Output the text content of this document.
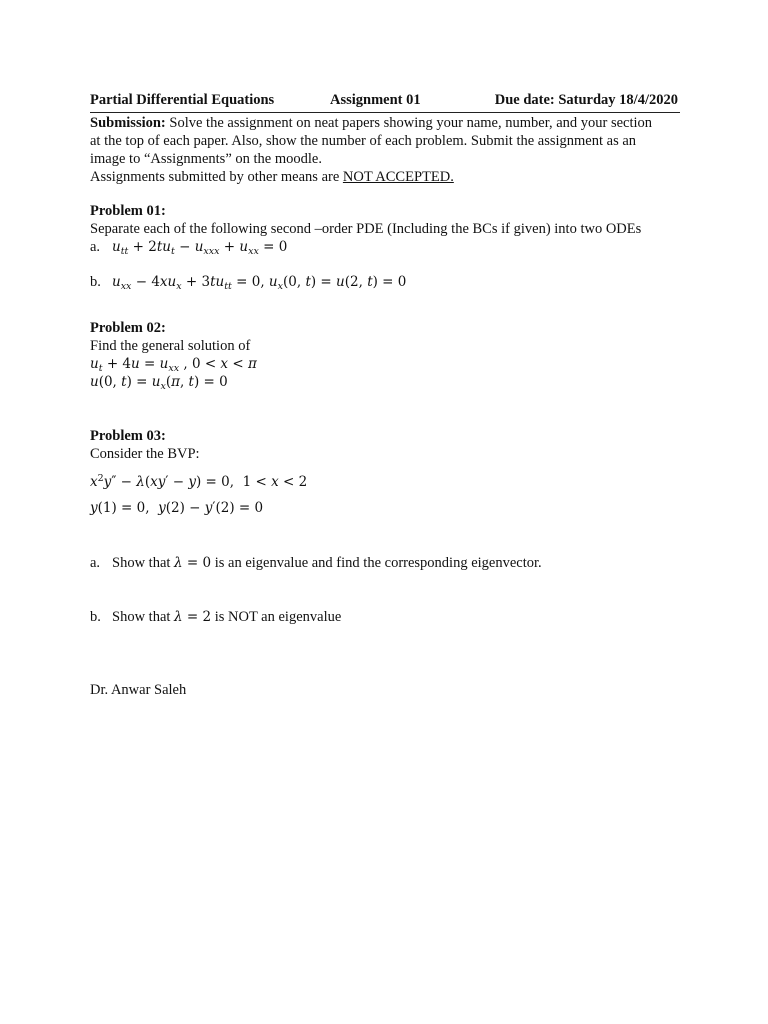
Partial Differential Equations	Assignment 01	Due date: Saturday 18/4/2020
Submission: Solve the assignment on neat papers showing your name, number, and your section
at the top of each paper. Also, show the number of each problem. Submit the assignment as an
image to “Assignments” on the moodle.
Assignments submitted by other means are NOT ACCEPTED.
Problem 01:
Separate each of the following second –order PDE (Including the BCs if given) into two ODEs
a. $u_{tt} + 2tu_t - u_{xxx} + u_{xx} = 0$
b. $u_{xx} - 4xu_x + 3tu_{tt} = 0$, $u_x(0$, t) = u(2, t) = 0
Problem 02:
Find the general solution of
$u_t + 4u = u_{xx}$ , 0 < x < π
u(0, $t) = u_x(\pi$, t) = 0
Problem 03:
Consider the BVP:
$x^2y'' - \lambda(xy' - y) = 0$,  1 < x < 2
y(1) = 0,  y(2) − y′(2) = 0
a. Show that λ = 0 is an eigenvalue and find the corresponding eigenvector.
b. Show that λ = 2 is NOT an eigenvalue
Dr. Anwar Saleh
